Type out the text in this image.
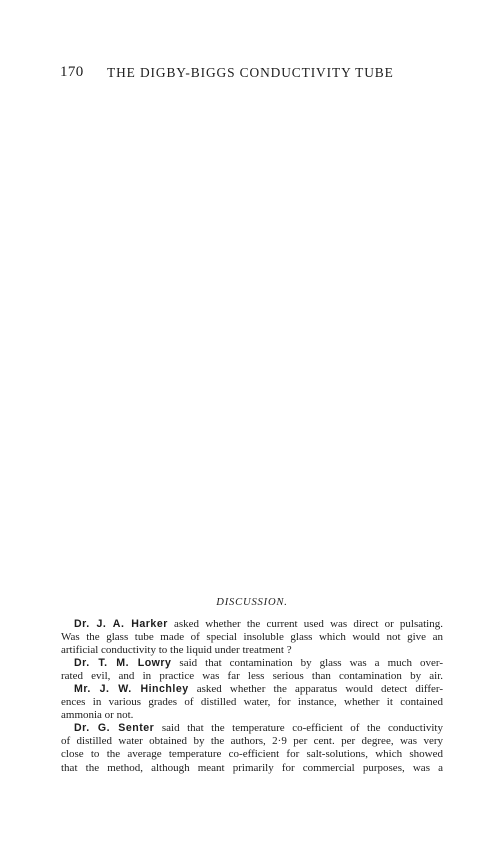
170 THE DIGBY-BIGGS CONDUCTIVITY TUBE
DISCUSSION.
Dr. J. A. Harker asked whether the current used was direct or pulsating.
Was the glass tube made of special insoluble glass which would not give an
artificial conductivity to the liquid under treatment ?
Dr. T. M. Lowry said that contamination by glass was a much over-
rated evil, and in practice was far less serious than contamination by air.
Mr. J. W. Hinchley asked whether the apparatus would detect differ-
ences in various grades of distilled water, for instance, whether it contained
ammonia or not.
Dr. G. Senter said that the temperature co-efficient of the conductivity
of distilled water obtained by the authors, 2·9 per cent. per degree, was very
close to the average temperature co-efficient for salt-solutions, which showed
that the method, although meant primarily for commercial purposes, was a
